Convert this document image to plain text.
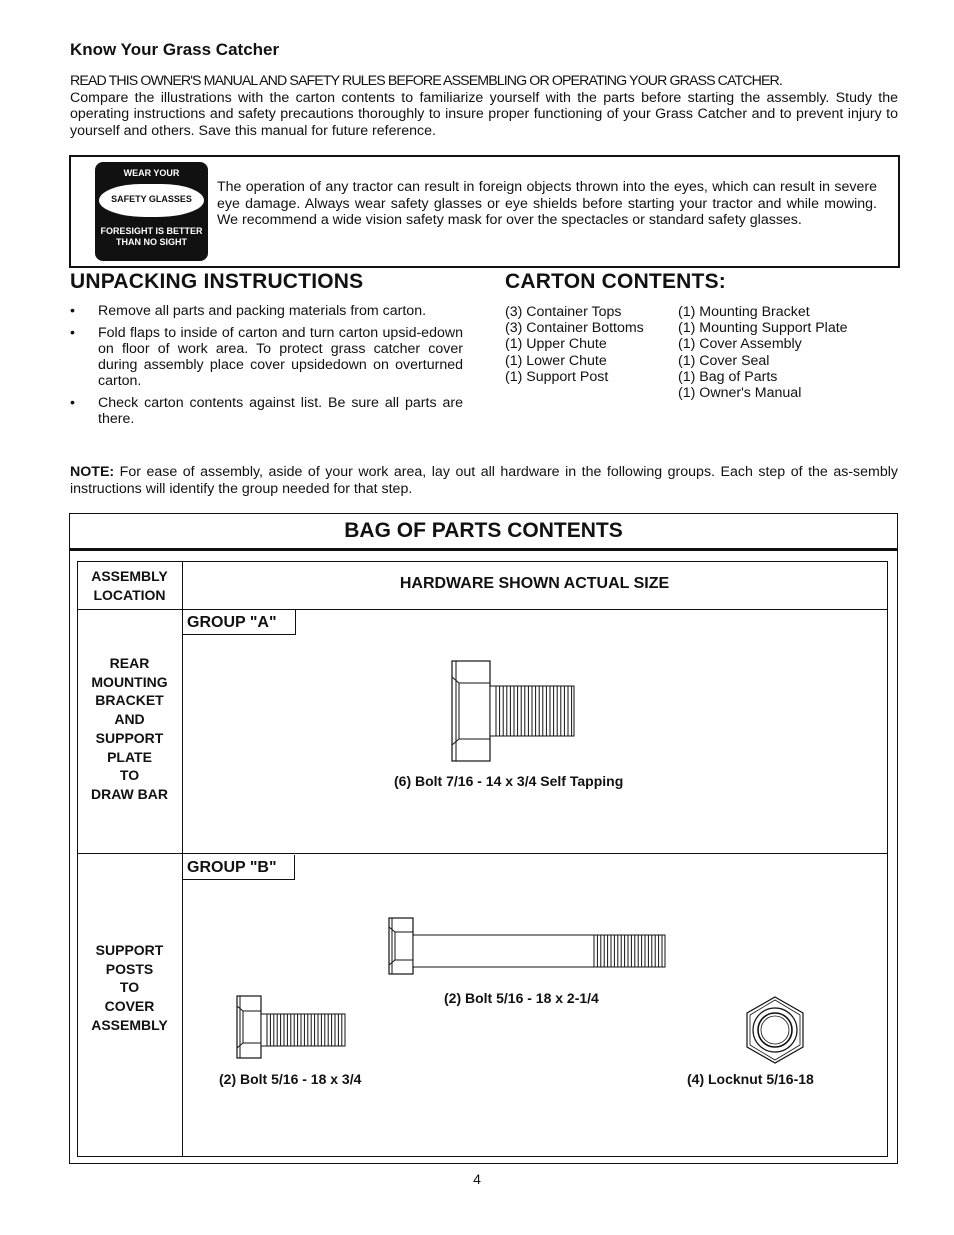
Know Your Grass Catcher
READ THIS OWNER'S MANUAL AND SAFETY RULES BEFORE ASSEMBLING OR OPERATING YOUR GRASS CATCHER.
Compare the illustrations with the carton contents to familiarize yourself with the parts before starting the assembly. Study the operating instructions and safety precautions thoroughly to insure proper functioning of your Grass Catcher and to prevent injury to yourself and others. Save this manual for future reference.
WEAR YOUR
SAFETY GLASSES
FORESIGHT IS BETTER
THAN NO SIGHT
The operation of any tractor can result in foreign objects thrown into the eyes, which can result in severe eye damage. Always wear safety glasses or eye shields before starting your tractor and while mowing. We recommend a wide vision safety mask for over the spectacles or standard safety glasses.
UNPACKING INSTRUCTIONS
• Remove all parts and packing materials from carton.
• Fold flaps to inside of carton and turn carton upsid-edown on floor of work area. To protect grass catcher cover during assembly place cover upsidedown on overturned carton.
• Check carton contents against list. Be sure all parts are there.
CARTON CONTENTS:
(3) Container Tops
(3) Container Bottoms
(1) Upper Chute
(1) Lower Chute
(1) Support Post
(1) Mounting Bracket
(1) Mounting Support Plate
(1) Cover Assembly
(1) Cover Seal
(1) Bag of Parts
(1) Owner's Manual
NOTE: For ease of assembly, aside of your work area, lay out all hardware in the following groups. Each step of the as-sembly instructions will identify the group needed for that step.
BAG OF PARTS CONTENTS
ASSEMBLY
LOCATION
HARDWARE SHOWN ACTUAL SIZE
GROUP "A"
REAR
MOUNTING
BRACKET
AND
SUPPORT
PLATE
TO
DRAW BAR
(6) Bolt 7/16 - 14 x 3/4 Self Tapping
GROUP "B"
SUPPORT
POSTS
TO
COVER
ASSEMBLY
(2) Bolt 5/16 - 18 x 2-1/4
(2) Bolt 5/16 - 18 x 3/4	(4) Locknut 5/16-18
4
